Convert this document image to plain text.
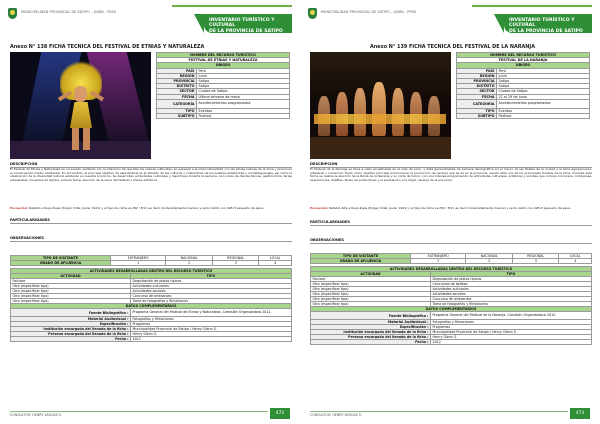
MUNICIPALIDAD PROVINCIAL DE SATIPO – JUNÍN - PERÚ
INVENTARIO TURÍSTICO Y CULTURAL
DE LA PROVINCIA DE SATIPO
Anexo N° 138 FICHA TECNICA DEL FESTIVAL DE ETNIAS Y NATURALEZA
NOMBRE DEL RECURSO TURÍSTICO	
FESTIVAL DE ETNIAS Y NATURALEZA	
UBIGEO	
PAÍS	Perú
REGIÓN	Junín
PROVINCIA	Satipo
DISTRITO	Satipo
SECTOR	Ciudad de Satipo
FECHA	Última semana de mayo
CATEGORÍA	Acontecimientos programados
TIPO	Eventos
SUBTIPO	Festival
DESCRIPCIÓN
El Festival de Etnias y Naturaleza es un evento realizado con la intención de rescatar los valores culturales, en especial a la interculturalidad con las etnias nativas de la zona y promover la conservación medio ambiental. En tal sentido, el principal objetivo de este festival es la difusión de las culturas y costumbres de los pueblos asháninkas y nomatsiguengas, así como la celebración de la diversidad natural existente en nuestra provincia. Se desarrollan actividades culturales y deportivas durante la semana, concursos de danzas típicas, gastronomía, ferias artesanales, muestras de tejidos, pintura facial, elección de la reina del festival y shows artísticos.
Excepción: Retablo a Rupa Rupa (Pulgar Vidal, Javier 1941) y el tipo de clima es (B2 r B'a') es decir moderadamente lluvioso y semi cálido con déficit pequeño de agua.
PARTICULARIDADES
OBSERVACIONES
TIPO DE VISITANTE	EXTRANJERO	NACIONAL	REGIONAL	LOCAL
GRADO DE AFLUENCIA	1	2	3	4
ACTIVIDADES DESARROLLADAS DENTRO DEL RECURSO TURÍSTICO	
ACTIVIDAD	TIPO
Folclore	Degustación de platos típicos
Otro (especificar tipo)	Actividades culturales
Otro (especificar tipo)	Actividades sociales
Otro (especificar tipo)	Concurso de artesanías
Otro (especificar tipo)	Toma de fotografías y filmaciones
DATOS COMPLEMENTARIOS	
Fuente Bibliográfica :	Programa General del Festival de Etnias y Naturaleza. Comisión Organizadora 2012.
Material Audiovisual :	Fotografías y filmaciones
Especificación :	Programas
Institución encargada del llenado de la ficha :	Municipalidad Provincial de Satipo / Henry Glenn S.
Persona encargada del llenado de la ficha :	Henry Glenn S.
Fecha :	2012
CONSULTOR: HENRY VARGAS S.	472
MUNICIPALIDAD PROVINCIAL DE SATIPO – JUNÍN - PERÚ
INVENTARIO TURÍSTICO Y CULTURAL
DE LA PROVINCIA DE SATIPO
Anexo N° 139 FICHA TECNICA DEL FESTIVAL DE LA NARANJA
NOMBRE DEL RECURSO TURÍSTICO	
FESTIVAL DE LA NARANJA	
UBIGEO	
PAÍS	Perú
REGIÓN	Junín
PROVINCIA	Satipo
DISTRITO	Satipo
SECTOR	Ciudad de Satipo
FECHA	22 al 29 de junio
CATEGORÍA	Acontecimientos programados
TIPO	Eventos
SUBTIPO	Festival
DESCRIPCIÓN
El Festival de la Naranja se lleva a cabo anualmente en el mes de junio, y data generalmente de semana demográfica en el marco de las fiestas de la ciudad y la feria agropecuaria, artesanal y comercial. Tiene como objetivo principal promocionar la producción de naranja que se da en la provincia, siendo esta uno de los principales frutales de la zona. Durante esta fecha se realiza la elección de la Reina de la Naranja y su corte de honor, con una intensa programación de actividades culturales, artísticas y sociales que incluye concursos, comparsas, exposiciones, desfiles, ferias de productores y la premiación a la mejor naranja de la provincia.
Excepción: Retablo Alta a Rupa Rupa (Pulgar Vidal, Javier 1941) y el tipo de clima es (B2 r B'a') es decir moderadamente lluvioso y semi cálido con déficit pequeño de agua.
PARTICULARIDADES
OBSERVACIONES
TIPO DE VISITANTE	EXTRANJERO	NACIONAL	REGIONAL	LOCAL
GRADO DE AFLUENCIA	1	2	3	4
ACTIVIDADES DESARROLLADAS DENTRO DEL RECURSO TURÍSTICO	
ACTIVIDAD	TIPO
Folclore	Degustación de platos típicos
Otro (especificar tipo)	Concursos de belleza
Otro (especificar tipo)	Actividades culturales
Otro (especificar tipo)	Actividades sociales
Otro (especificar tipo)	Concurso de artesanías
Otro (especificar tipo)	Toma de fotografías y filmaciones
DATOS COMPLEMENTARIOS	
Fuente Bibliográfica :	Programa General del Festival de la Naranja. Comisión Organizadora 2012.
Material Audiovisual :	Fotografías y filmaciones
Especificación :	Programas
Institución encargada del llenado de la ficha :	Municipalidad Provincial de Satipo / Henry Glenn S.
Persona encargada del llenado de la ficha :	Henry Glenn S.
Fecha :	2012
CONSULTOR: HENRY VARGAS S.	473
